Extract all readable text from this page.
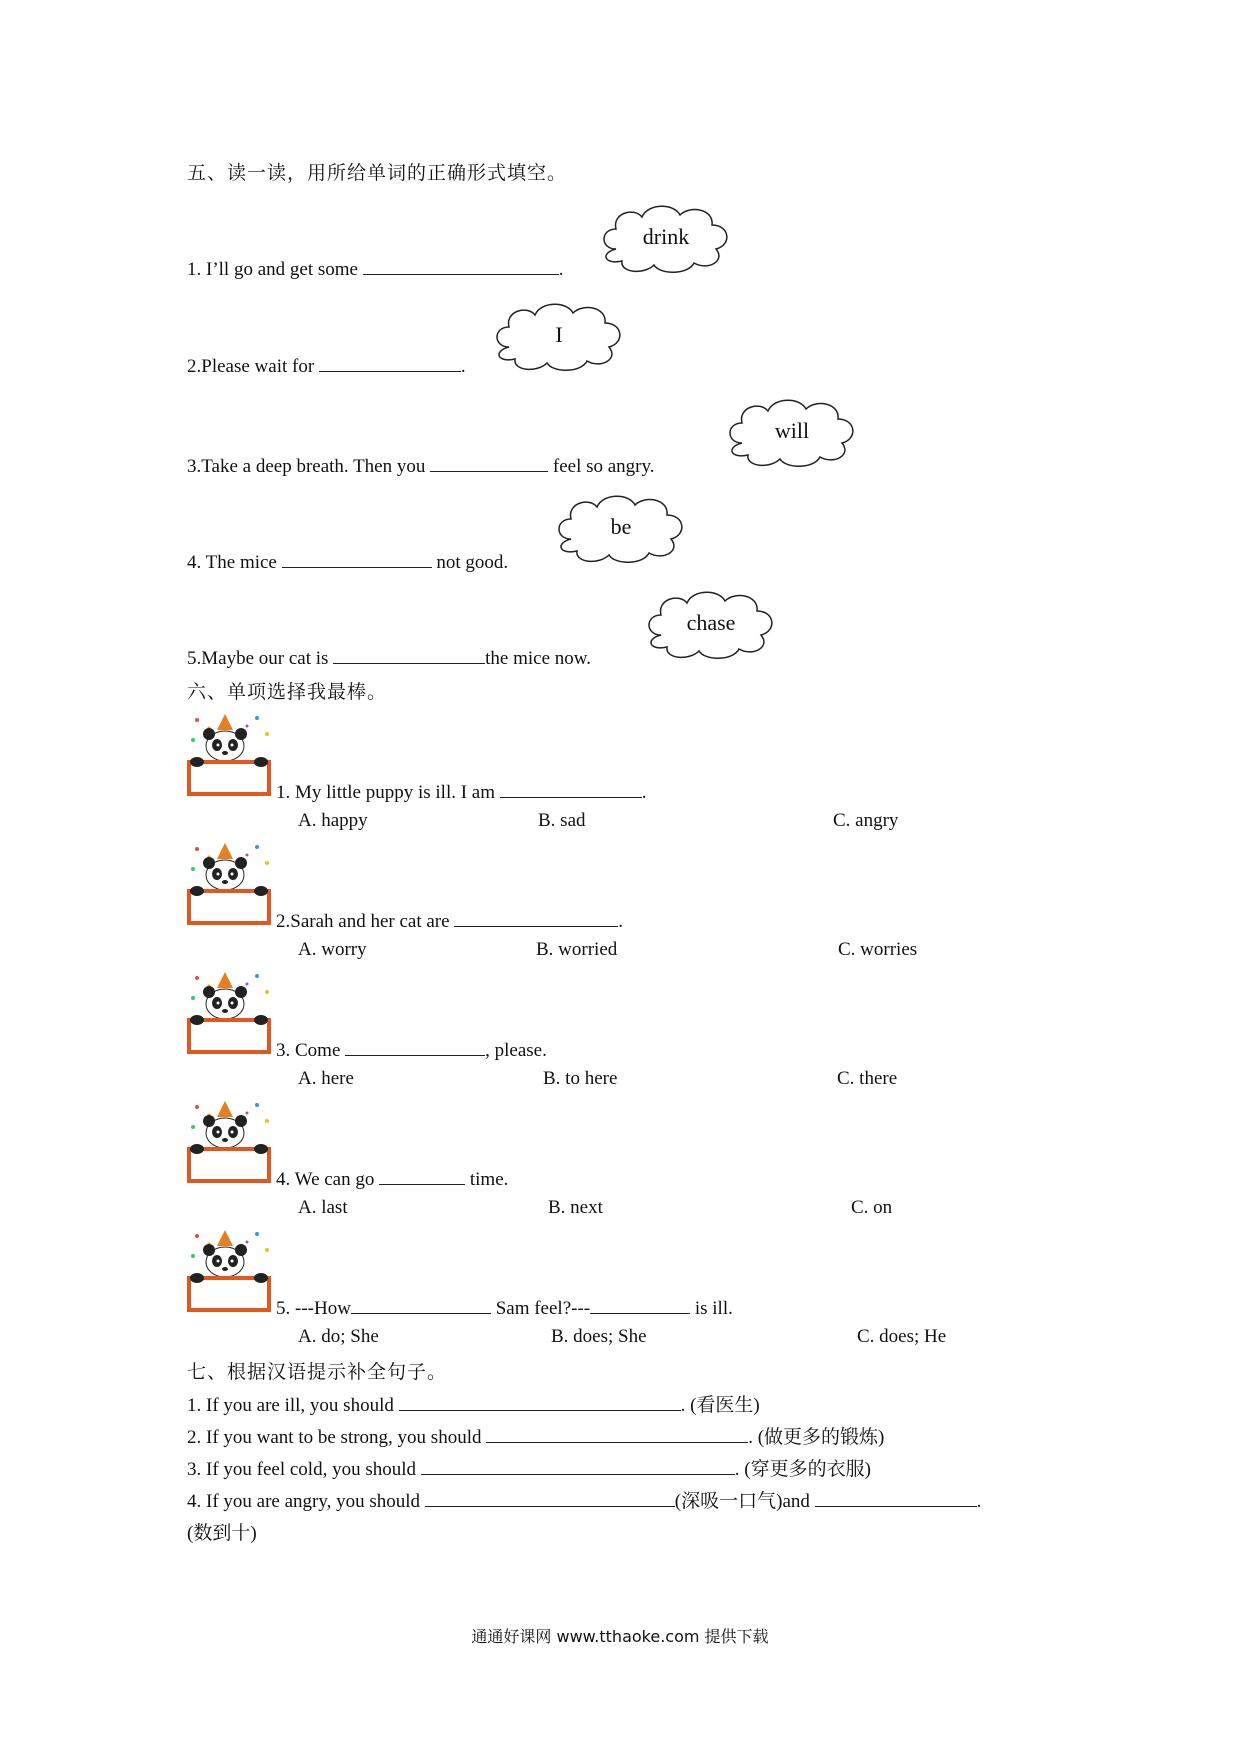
五、读一读，用所给单词的正确形式填空。
drink
I
will
be
chase
1. I’ll go and get some	.
2.Please wait for	.
3.Take a deep breath. Then you	feel so angry.
4. The mice	not good.
5.Maybe our cat is	the mice now.
六、单项选择我最棒。
1. My little puppy is ill. I am	.
A. happy	B. sad	C. angry
2.Sarah and her cat are	.
A. worry	B. worried	C. worries
3. Come	, please.
A. here	B. to here	C. there
4. We can go	time.
A. last	B. next	C. on
5. ---How	Sam feel?---	is ill.
A. do; She	B. does; She	C. does; He
七、根据汉语提示补全句子。
1. If you are ill, you should	. (看医生)
2. If you want to be strong, you should	. (做更多的锻炼)
3. If you feel cold, you should	. (穿更多的衣服)
4. If you are angry, you should	(深吸一口气)and	.
(数到十)
通通好课网 www.tthaoke.com 提供下载
